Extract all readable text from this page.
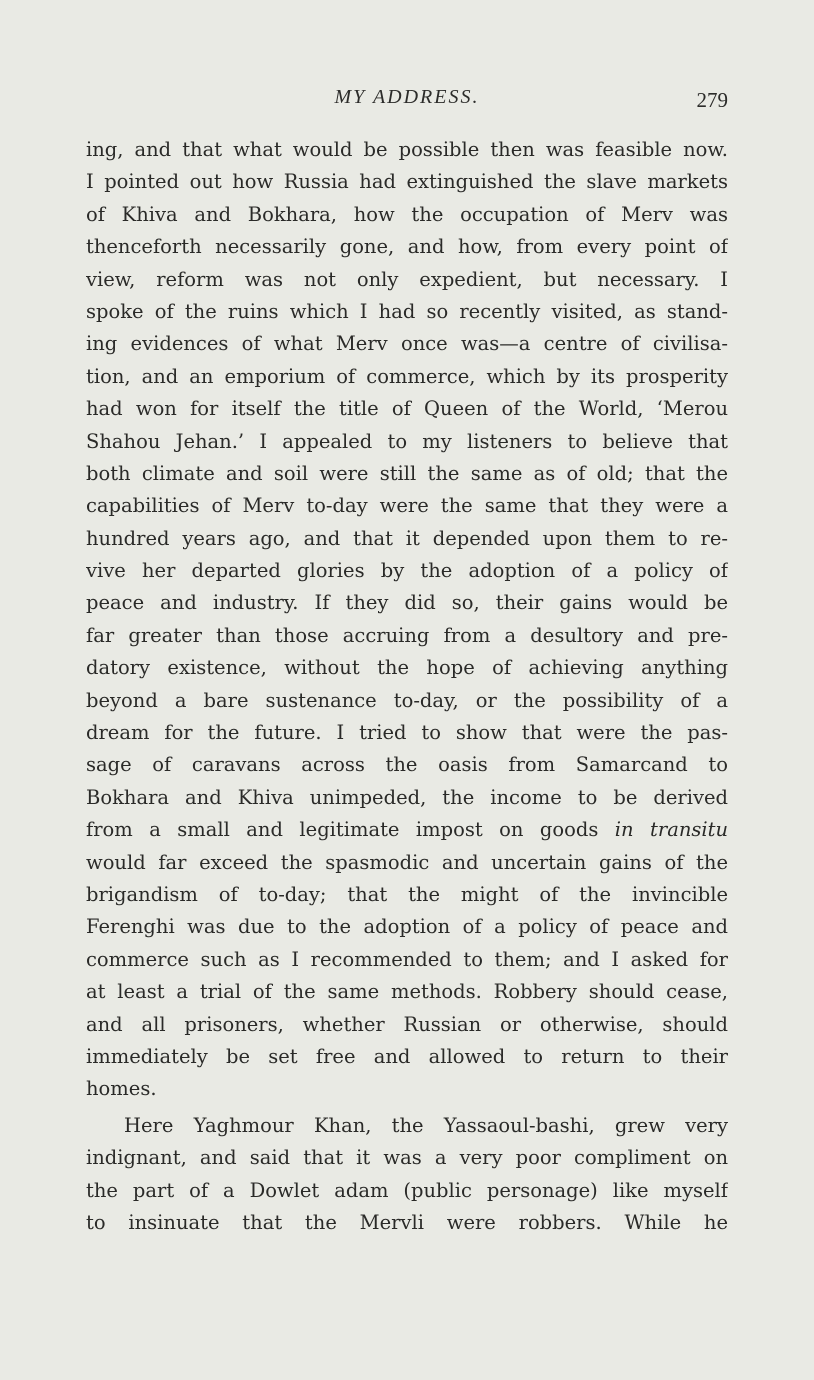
MY ADDRESS.	279
ing, and that what would be possible then was feasible now.
I pointed out how Russia had extinguished the slave markets
of Khiva and Bokhara, how the occupation of Merv was
thenceforth necessarily gone, and how, from every point of
view, reform was not only expedient, but necessary. I
spoke of the ruins which I had so recently visited, as stand-
ing evidences of what Merv once was—a centre of civilisa-
tion, and an emporium of commerce, which by its prosperity
had won for itself the title of Queen of the World, ‘Merou
Shahou Jehan.’ I appealed to my listeners to believe that
both climate and soil were still the same as of old; that the
capabilities of Merv to-day were the same that they were a
hundred years ago, and that it depended upon them to re-
vive her departed glories by the adoption of a policy of
peace and industry. If they did so, their gains would be
far greater than those accruing from a desultory and pre-
datory existence, without the hope of achieving anything
beyond a bare sustenance to-day, or the possibility of a
dream for the future. I tried to show that were the pas-
sage of caravans across the oasis from Samarcand to
Bokhara and Khiva unimpeded, the income to be derived
from a small and legitimate impost on goods in transitu
would far exceed the spasmodic and uncertain gains of the
brigandism of to-day; that the might of the invincible
Ferenghi was due to the adoption of a policy of peace and
commerce such as I recommended to them; and I asked for
at least a trial of the same methods. Robbery should cease,
and all prisoners, whether Russian or otherwise, should
immediately be set free and allowed to return to their
homes.
Here Yaghmour Khan, the Yassaoul-bashi, grew very
indignant, and said that it was a very poor compliment on
the part of a Dowlet adam (public personage) like myself
to insinuate that the Mervli were robbers. While he
